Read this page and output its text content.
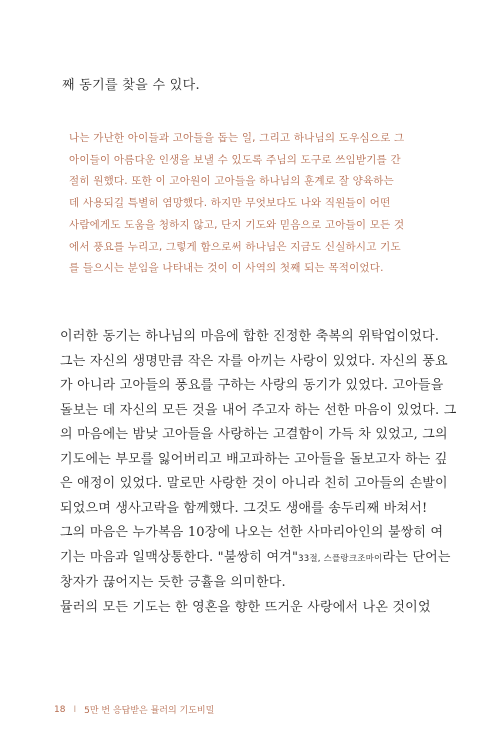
째 동기를 찾을 수 있다.
나는 가난한 아이들과 고아들을 돕는 일, 그리고 하나님의 도우심으로 그
아이들이 아름다운 인생을 보낼 수 있도록 주님의 도구로 쓰임받기를 간
절히 원했다. 또한 이 고아원이 고아들을 하나님의 훈계로 잘 양육하는
데 사용되길 특별히 염망했다. 하지만 무엇보다도 나와 직원들이 어떤
사람에게도 도움을 청하지 않고, 단지 기도와 믿음으로 고아들이 모든 것
에서 풍요를 누리고, 그렇게 함으로써 하나님은 지금도 신실하시고 기도
를 들으시는 분임을 나타내는 것이 이 사역의 첫째 되는 목적이었다.
이러한 동기는 하나님의 마음에 합한 진정한 축복의 위탁업이었다.
그는 자신의 생명만큼 작은 자를 아끼는 사랑이 있었다. 자신의 풍요
가 아니라 고아들의 풍요를 구하는 사랑의 동기가 있었다. 고아들을
돌보는 데 자신의 모든 것을 내어 주고자 하는 선한 마음이 있었다. 그
의 마음에는 밤낮 고아들을 사랑하는 고결함이 가득 차 있었고, 그의
기도에는 부모를 잃어버리고 배고파하는 고아들을 돌보고자 하는 깊
은 애정이 있었다. 말로만 사랑한 것이 아니라 친히 고아들의 손발이
되었으며 생사고락을 함께했다. 그것도 생애를 송두리째 바쳐서!
그의 마음은 누가복음 10장에 나오는 선한 사마리아인의 불쌍히 여
기는 마음과 일맥상통한다. "불쌍히 여겨"33절, 스플랑크조마이라는 단어는
창자가 끊어지는 듯한 긍휼을 의미한다.
뮬러의 모든 기도는 한 영혼을 향한 뜨거운 사랑에서 나온 것이었
18 I 5만 번 응답받은 뮬러의 기도비밀
